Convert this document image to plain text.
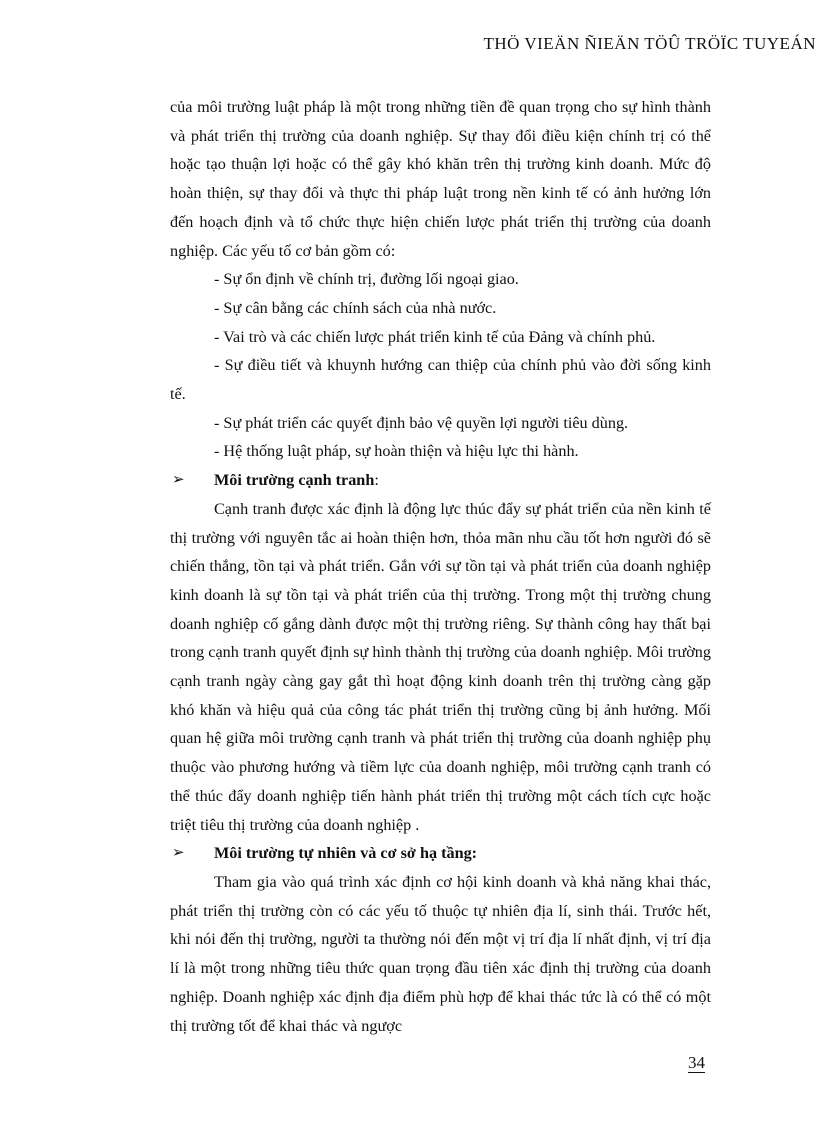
THÖ VIEÄN ÑIEÄN TÖÛ TRÖÏC TUYEÁN

của môi trường luật pháp là một trong những tiền đề quan trọng cho sự hình thành và phát triển thị trường của doanh nghiệp. Sự thay đổi điều kiện chính trị có thể hoặc tạo thuận lợi hoặc có thể gây khó khăn trên thị trường kinh doanh. Mức độ hoàn thiện, sự thay đổi và thực thi pháp luật trong nền kinh tế có ảnh hưởng lớn đến hoạch định và tổ chức thực hiện chiến lược phát triển thị trường của doanh nghiệp. Các yếu tố cơ bản gồm có:

- Sự ổn định về chính trị, đường lối ngoại giao.

- Sự cân bằng các chính sách của nhà nước.

- Vai trò và các chiến lược phát triển kinh tế của Đảng và chính phủ.

- Sự điều tiết và khuynh hướng can thiệp của chính phủ vào đời sống kinh tế.

- Sự phát triển các quyết định bảo vệ quyền lợi người tiêu dùng.

- Hệ thống luật pháp, sự hoàn thiện và hiệu lực thi hành.

➢ Môi trường cạnh tranh:

Cạnh tranh được xác định là động lực thúc đẩy sự phát triển của nền kinh tế thị trường với nguyên tắc ai hoàn thiện hơn, thỏa mãn nhu cầu tốt hơn người đó sẽ chiến thắng, tồn tại và phát triển. Gắn với sự tồn tại và phát triển của doanh nghiệp kinh doanh là sự tồn tại và phát triển của thị trường. Trong một thị trường chung doanh nghiệp cố gắng dành được một thị trường riêng. Sự thành công hay thất bại trong cạnh tranh quyết định sự hình thành thị trường của doanh nghiệp. Môi trường cạnh tranh ngày càng gay gắt thì hoạt động kinh doanh trên thị trường càng gặp khó khăn và hiệu quả của công tác phát triển thị trường cũng bị ảnh hưởng. Mối quan hệ giữa môi trường cạnh tranh và phát triển thị trường của doanh nghiệp phụ thuộc vào phương hướng và tiềm lực của doanh nghiệp, môi trường cạnh tranh có thể thúc đẩy doanh nghiệp tiến hành phát triển thị trường một cách tích cực hoặc triệt tiêu thị trường của doanh nghiệp .

➢ Môi trường tự nhiên và cơ sở hạ tầng:

Tham gia vào quá trình xác định cơ hội kinh doanh và khả năng khai thác, phát triển thị trường còn có các yếu tố thuộc tự nhiên địa lí, sinh thái. Trước hết, khi nói đến thị trường, người ta thường nói đến một vị trí địa lí nhất định, vị trí địa lí là một trong những tiêu thức quan trọng đầu tiên xác định thị trường của doanh nghiệp. Doanh nghiệp xác định địa điểm phù hợp để khai thác tức là có thể có một thị trường tốt để khai thác và ngược

34
